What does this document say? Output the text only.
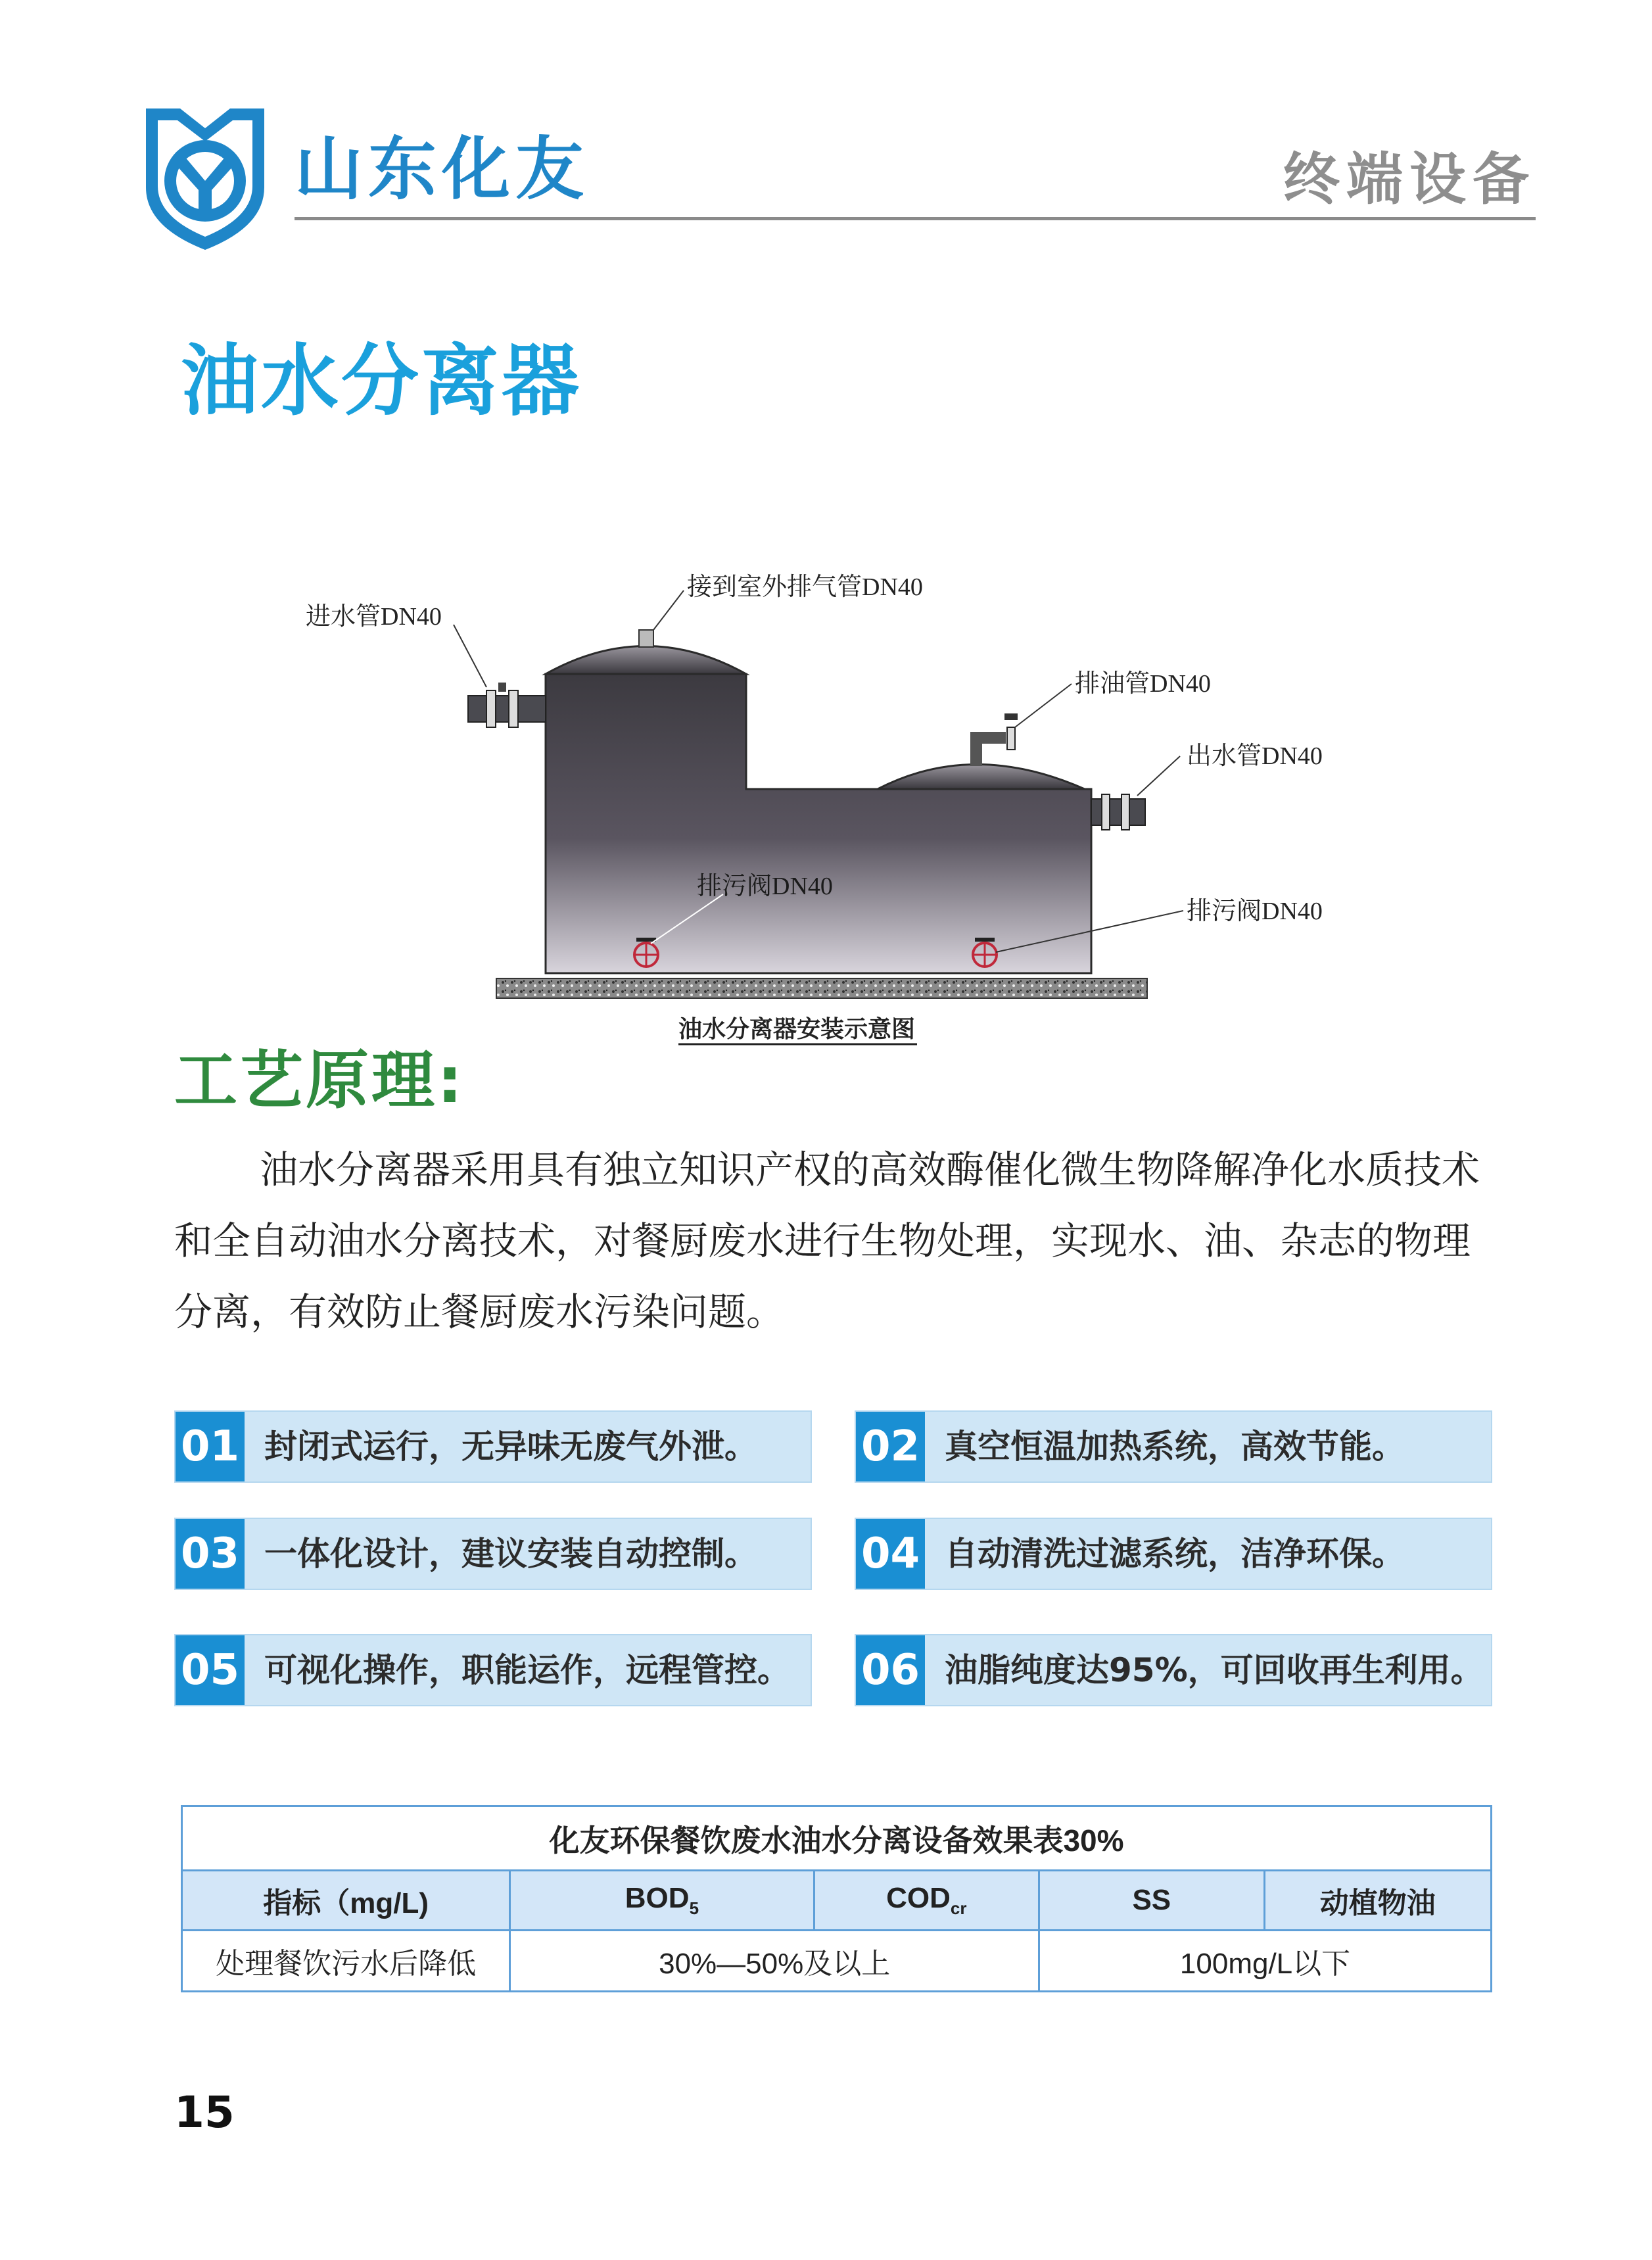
山东化友	终端设备
油水分离器
进水管DN40
接到室外排气管DN40
排油管DN40
出水管DN40
排污阀DN40
排污阀DN40
油水分离器安装示意图
工艺原理:
油水分离器采用具有独立知识产权的高效酶催化微生物降解净化水质技术和全自动油水分离技术，对餐厨废水进行生物处理，实现水、油、杂志的物理分离，有效防止餐厨废水污染问题。
01 封闭式运行，无异味无废气外泄。 02 真空恒温加热系统，高效节能。
03 一体化设计，建议安装自动控制。 04 自动清洗过滤系统，洁净环保。
05 可视化操作，职能运作，远程管控。 06 油脂纯度达95%，可回收再生利用。
化友环保餐饮废水油水分离设备效果表30%				
指标（mg/L)	$BOD_5$	$COD_{cr}$	SS	动植物油
处理餐饮污水后降低	30%—50%及以上		100mg/L以下	
15
